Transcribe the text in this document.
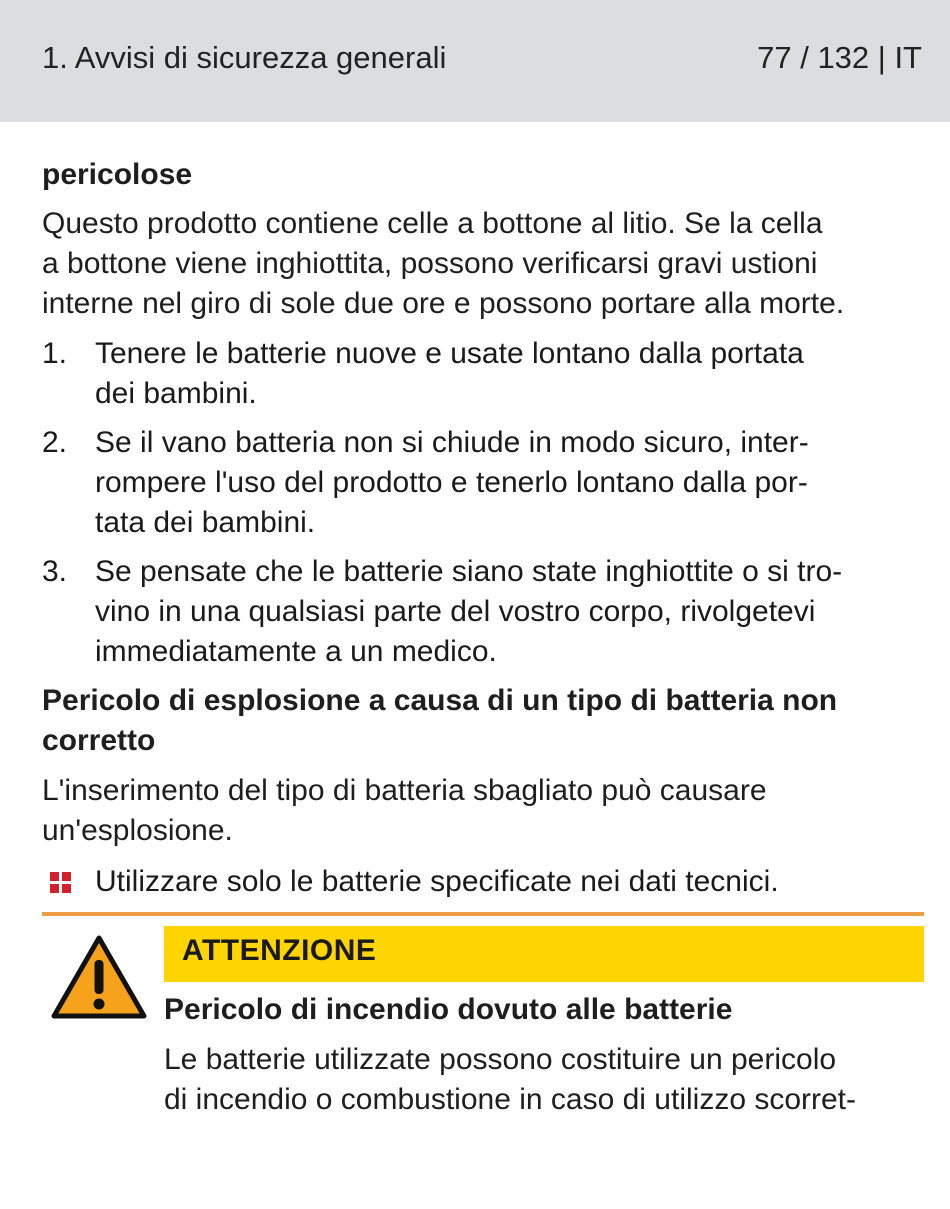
1. Avvisi di sicurezza generali	77 / 132 | IT
pericolose
Questo prodotto contiene celle a bottone al litio. Se la cella
a bottone viene inghiottita, possono verificarsi gravi ustioni
interne nel giro di sole due ore e possono portare alla morte.
1. Tenere le batterie nuove e usate lontano dalla portata
dei bambini.
2. Se il vano batteria non si chiude in modo sicuro, inter-
rompere l'uso del prodotto e tenerlo lontano dalla por-
tata dei bambini.
3. Se pensate che le batterie siano state inghiottite o si tro-
vino in una qualsiasi parte del vostro corpo, rivolgetevi
immediatamente a un medico.
Pericolo di esplosione a causa di un tipo di batteria non
corretto
L'inserimento del tipo di batteria sbagliato può causare
un'esplosione.
Utilizzare solo le batterie specificate nei dati tecnici.
ATTENZIONE
Pericolo di incendio dovuto alle batterie
Le batterie utilizzate possono costituire un pericolo
di incendio o combustione in caso di utilizzo scorret-
